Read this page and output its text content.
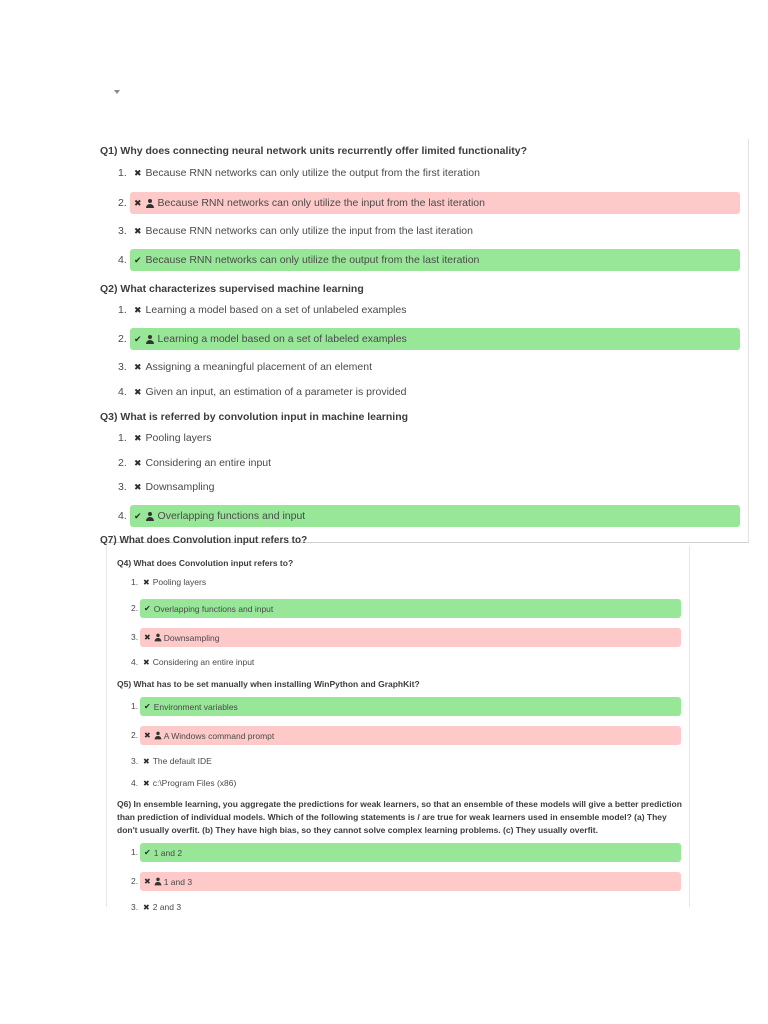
Q1) Why does connecting neural network units recurrently offer limited functionality?

1. ✖ Because RNN networks can only utilize the output from the first iteration
2. ✖ Because RNN networks can only utilize the input from the last iteration
3. ✖ Because RNN networks can only utilize the input from the last iteration
4. ✔ Because RNN networks can only utilize the output from the last iteration

Q2) What characterizes supervised machine learning

1. ✖ Learning a model based on a set of unlabeled examples
2. ✔ Learning a model based on a set of labeled examples
3. ✖ Assigning a meaningful placement of an element
4. ✖ Given an input, an estimation of a parameter is provided

Q3) What is referred by convolution input in machine learning

1. ✖ Pooling layers
2. ✖ Considering an entire input
3. ✖ Downsampling
4. ✔ Overlapping functions and input
Q7) What does Convolution input refers to?

Q4) What does Convolution input refers to?

1. ✖ Pooling layers
2. ✔ Overlapping functions and input
3. ✖ Downsampling
4. ✖ Considering an entire input

Q5) What has to be set manually when installing WinPython and GraphKit?

1. ✔ Environment variables
2. ✖ A Windows command prompt
3. ✖ The default IDE
4. ✖ c:\Program Files (x86)

Q6) In ensemble learning, you aggregate the predictions for weak learners, so that an ensemble of these models will give a better prediction than prediction of individual models. Which of the following statements is / are true for weak learners used in ensemble model? (a) They don't usually overfit. (b) They have high bias, so they cannot solve complex learning problems. (c) They usually overfit.

1. ✔ 1 and 2
2. ✖ 1 and 3
3. ✖ 2 and 3
